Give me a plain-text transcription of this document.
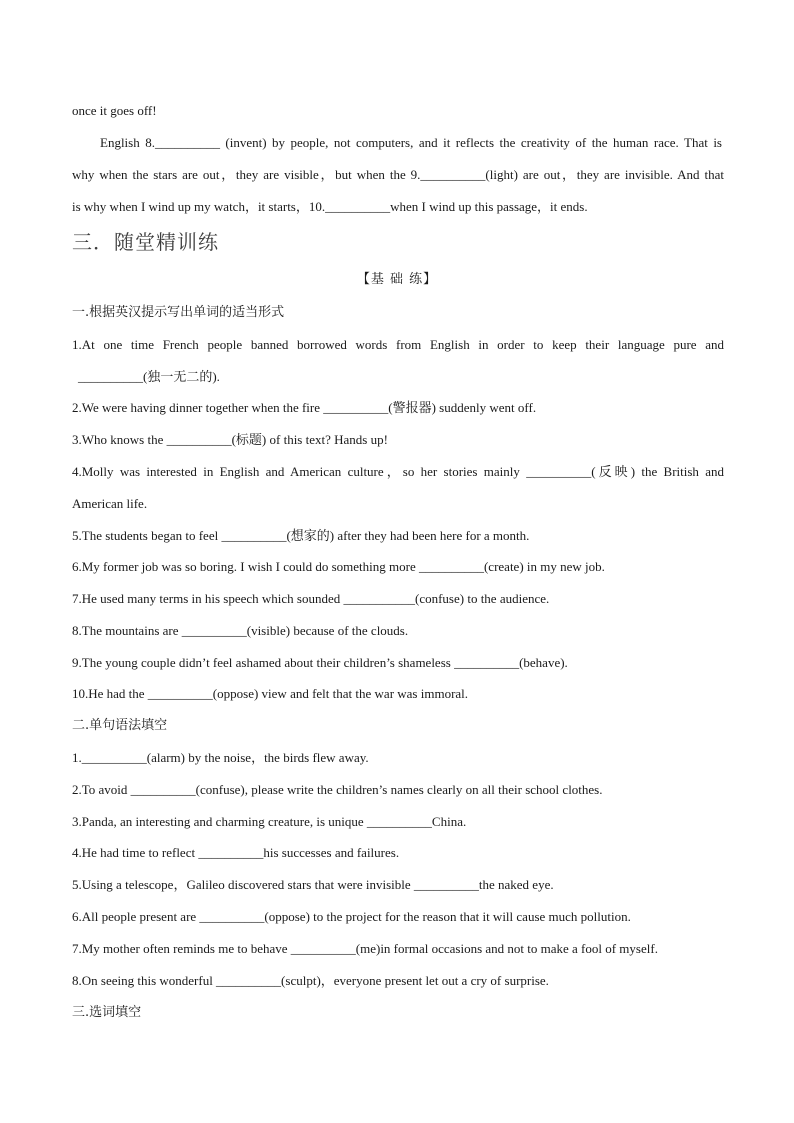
once it goes off!
English 8.__________ (invent) by people, not computers, and it reflects the creativity of the human race. That is
why when the stars are out，they are visible，but when the 9.__________(light) are out，they are invisible. And that
is why when I wind up my watch，it starts，10.__________when I wind up this passage，it ends.
三．随堂精训练
【基 础 练】
一.根据英汉提示写出单词的适当形式
1.At one time French people banned borrowed words from English in order to keep their language pure and
__________(独一无二的).
2.We were having dinner together when the fire __________(警报器) suddenly went off.
3.Who knows the __________(标题) of this text? Hands up!
4.Molly was interested in English and American culture，so her stories mainly __________(反映) the British and
American life.
5.The students began to feel __________(想家的) after they had been here for a month.
6.My former job was so boring. I wish I could do something more __________(create) in my new job.
7.He used many terms in his speech which sounded ___________(confuse) to the audience.
8.The mountains are __________(visible) because of the clouds.
9.The young couple didn’t feel ashamed about their children’s shameless __________(behave).
10.He had the __________(oppose) view and felt that the war was immoral.
二.单句语法填空
1.__________(alarm) by the noise，the birds flew away.
2.To avoid __________(confuse), please write the children’s names clearly on all their school clothes.
3.Panda, an interesting and charming creature, is unique __________China.
4.He had time to reflect __________his successes and failures.
5.Using a telescope，Galileo discovered stars that were invisible __________the naked eye.
6.All people present are __________(oppose) to the project for the reason that it will cause much pollution.
7.My mother often reminds me to behave __________(me)in formal occasions and not to make a fool of myself.
8.On seeing this wonderful __________(sculpt)，everyone present let out a cry of surprise.
三.选词填空
